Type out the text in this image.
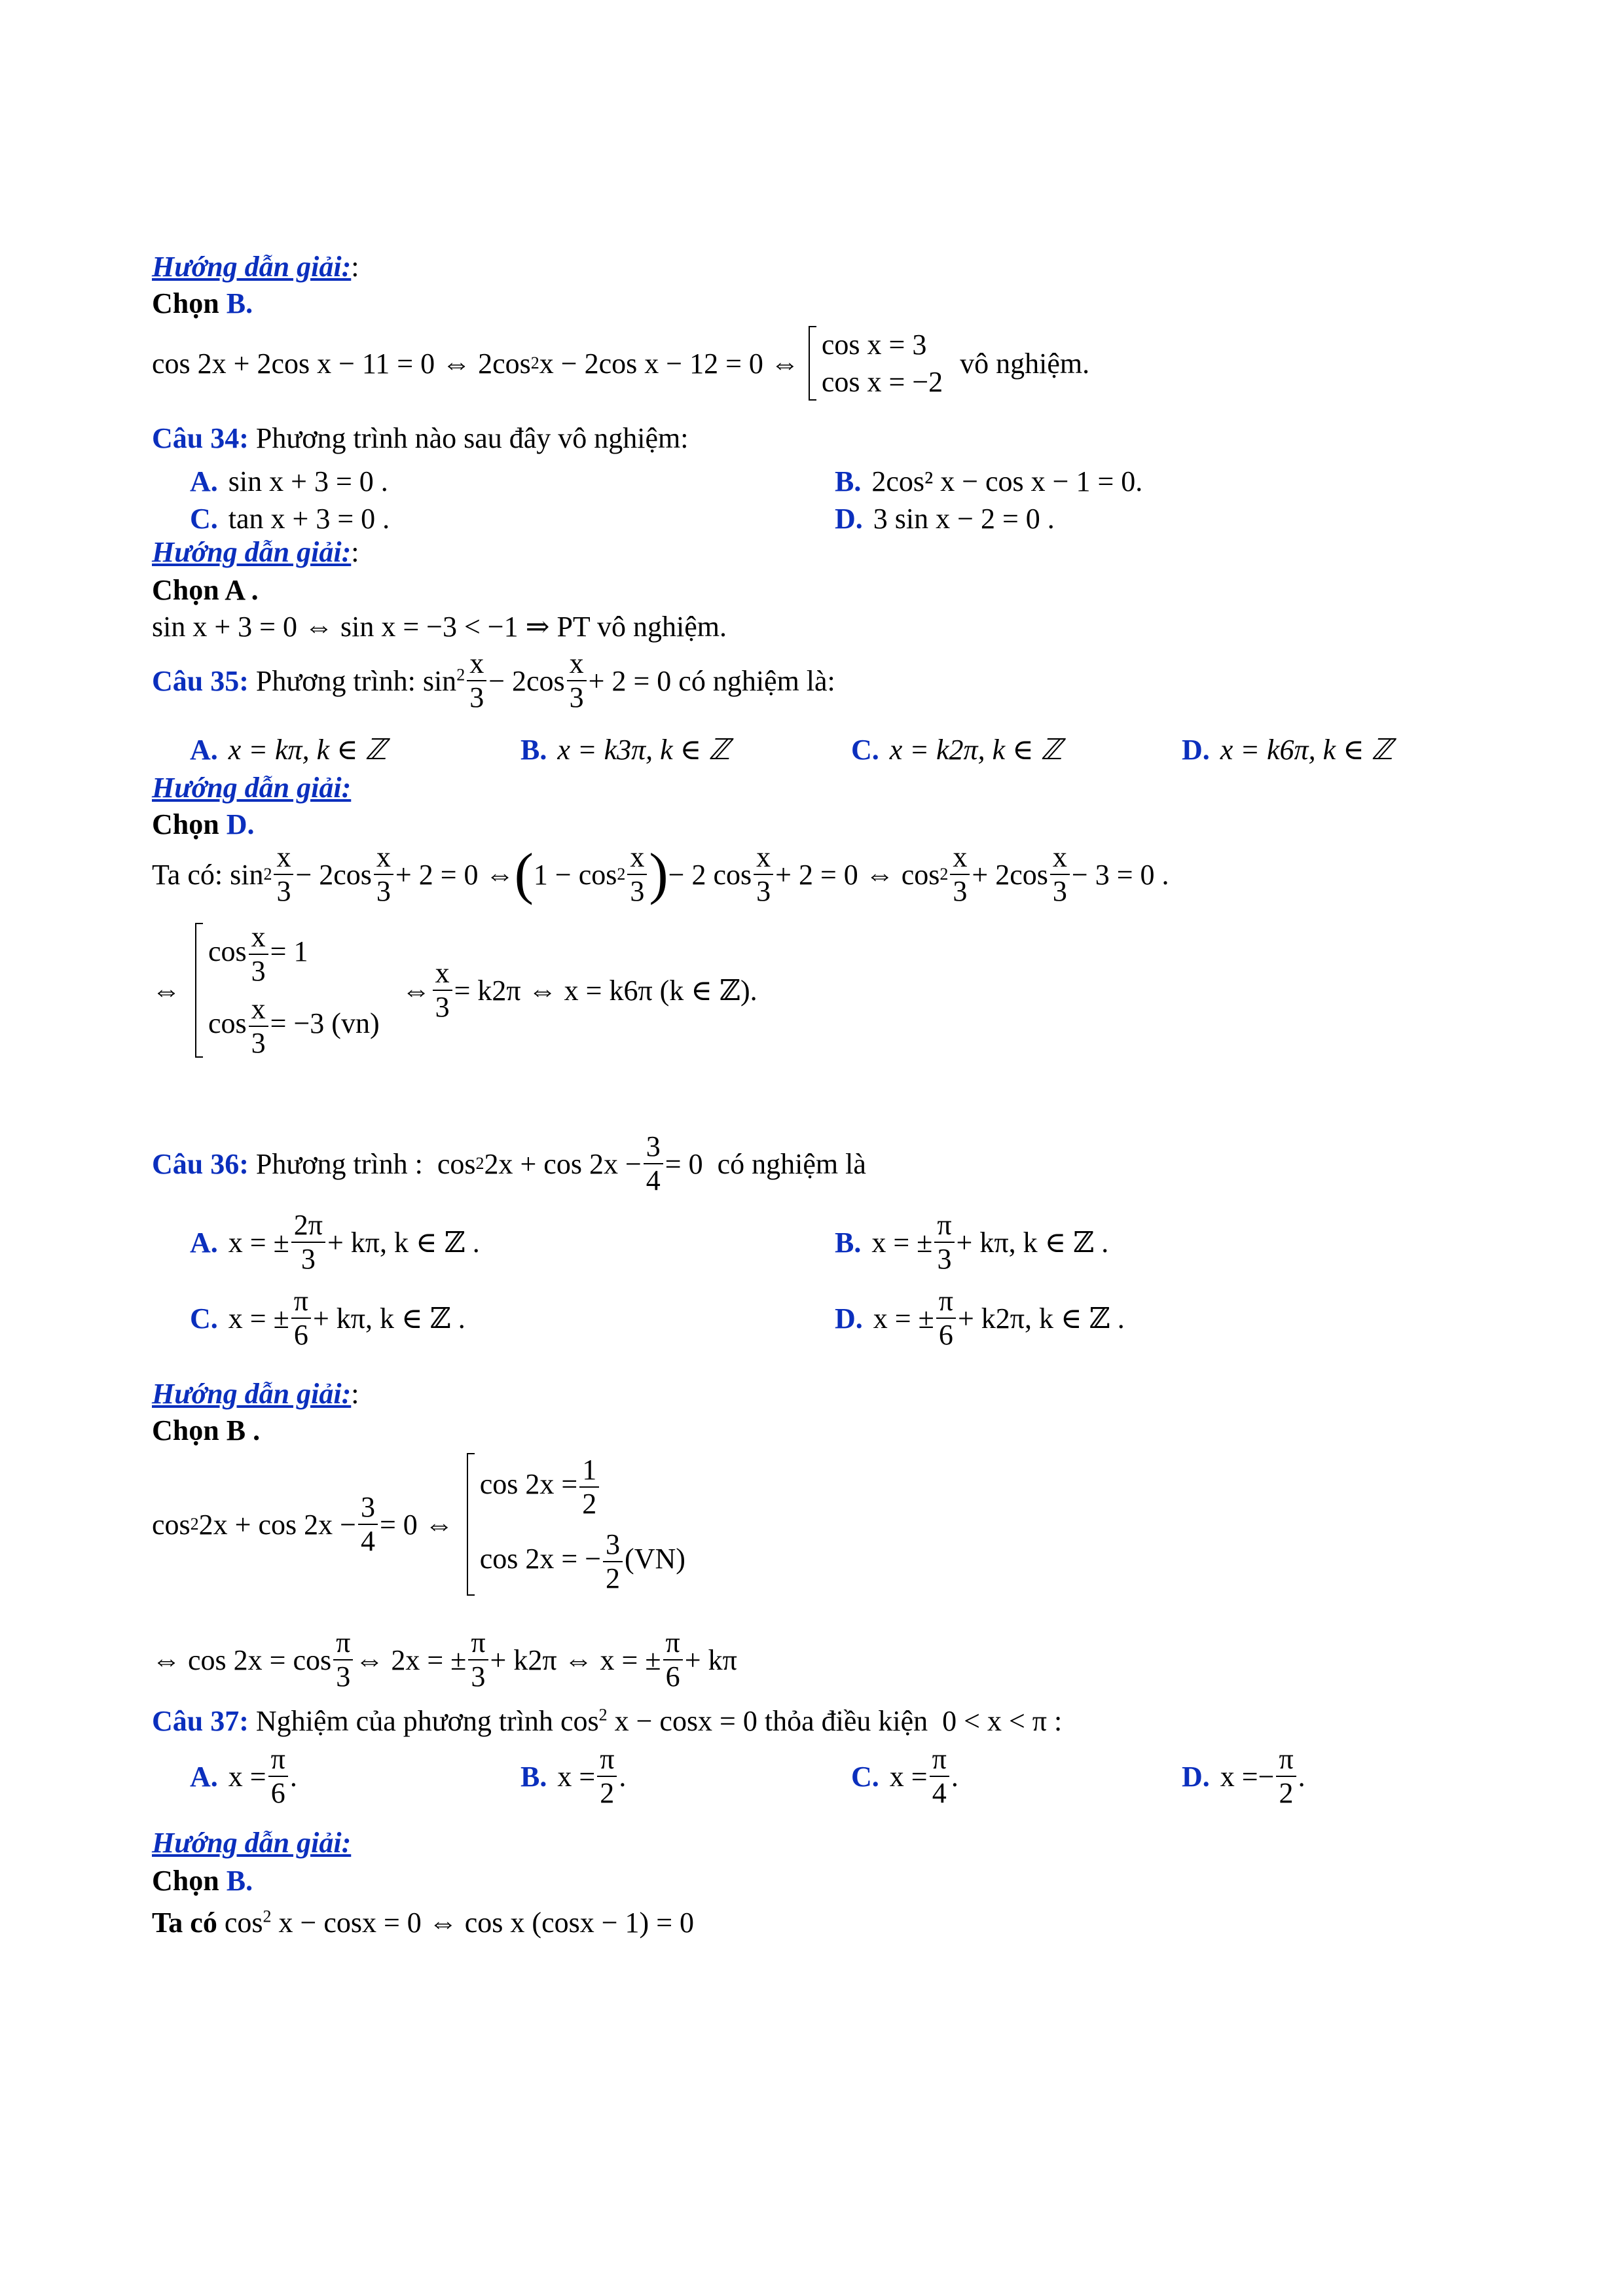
Hướng dẫn giải::
Chọn B.
cos 2x + 2cos x − 11 = 0 ⇔ 2cos 2 x − 2cos x − 12 = 0 ⇔
cos x = 3
cos x = −2
vô nghiệm.
Câu 34: Phương trình nào sau đây vô nghiệm:
A. sin x + 3 = 0 .	B. 2cos² x − cos x − 1 = 0.
C. tan x + 3 = 0 .	D. 3 sin x − 2 = 0 .
Hướng dẫn giải::
Chọn A .
sin x + 3 = 0 ⇔ sin x = −3 < −1 ⇒ PT vô nghiệm.
Câu 35:
Phương trình:
$\sin^2 \frac{x}{3} - 2\cos \frac{x}{3} + 2 = 0$
có nghiệm là:
A. x = kπ, k ∈ ℤ	B. x = k3π, k ∈ ℤ	C. x = k2π, k ∈ ℤ	D. x = k6π, k ∈ ℤ
Hướng dẫn giải:
Chọn D.
Ta có: $\sin 2 \frac{x}{3} - 2\cos \frac{x}{3} + 2 = 0$ ⇔ ( $1 - \cos 2 \frac{x}{3}$ ) − 2 $\cos \frac{x}{3} + 2 = 0$ ⇔ $\cos 2 \frac{x}{3} + 2\cos \frac{x}{3} - 3 = 0$ .
⇔
$\cos \frac{x}{3} = 1$
$\cos \frac{x}{3} = -3$ (vn)
⇔ $\frac{x}{3} = k2\pi$ ⇔ x = k6π (k ∈ ℤ).
Câu 36:
Phương trình : cos 2 $2x + \cos 2x - \frac{3}{4} = 0$ có nghiệm là
A. x = ± $\frac{2\pi}{3} + k\pi$, k ∈ ℤ .	B. x = ± $\frac{\pi}{3} + k\pi$, k ∈ ℤ .
C. x = ± $\frac{\pi}{6} + k\pi$, k ∈ ℤ .	D. x = ± $\frac{\pi}{6} + k2\pi$, k ∈ ℤ .
Hướng dẫn giải::
Chọn B .
cos 2 $2x + \cos 2x - \frac{3}{4} = 0$ ⇔
$\cos 2x = \frac{1}{2}$
cos 2x = − $\frac{3}{2} (VN)$
⇔ $\cos 2x = \cos \frac{\pi}{3}$ ⇔ 2x = ± $\frac{\pi}{3} + k2\pi$ ⇔ x = ± $\frac{\pi}{6} + k\pi$
Câu 37: Nghiệm của phương trình $\cos^2 x - \cos x = 0$ thỏa điều kiện 0 < x < π :
A. $x = \frac{\pi}{6}$ .	B. $x = \frac{\pi}{2}$ .	C. $x = \frac{\pi}{4}$ .	D. x = − $\frac{\pi}{2}$ .
Hướng dẫn giải:
Chọn B.
Ta có $\cos^2 x - \cos x = 0$ ⇔ cos x (cosx − 1) = 0
